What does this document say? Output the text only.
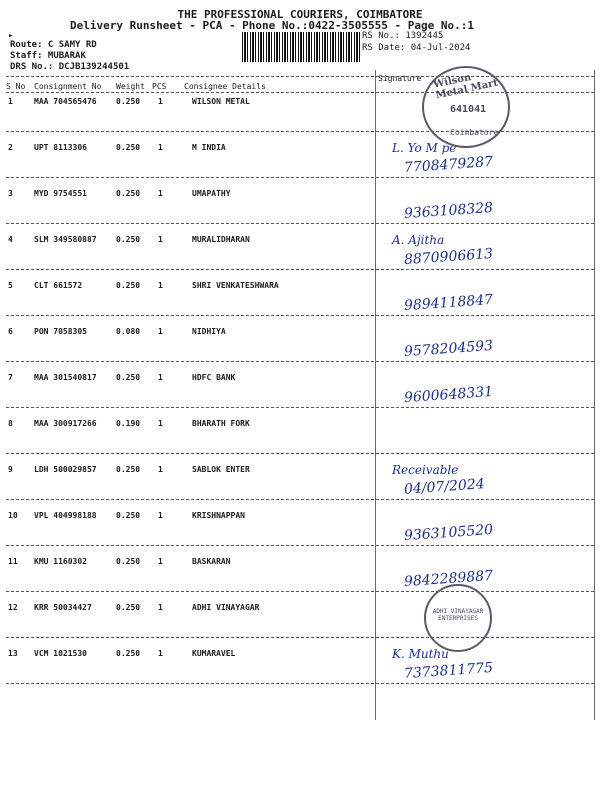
THE PROFESSIONAL COURIERS, COIMBATORE
Delivery Runsheet - PCA - Phone No.:0422-3505555 - Page No.:1
▸
Route: C SAMY RD
Staff: MUBARAK
DRS No.: DCJB139244501
RS No.: 1392445
RS Date: 04-Jul-2024
S No Consignment No Weight PCS Consignee Details
Signature
1	MAA 704565476 0.250 1	WILSON METAL
2	UPT 8113306	0.250 1	M INDIA	L. Yo M pe
7708479287
3	MYD 9754551	0.250 1	UMAPATHY
9363108328
4	SLM 349580887 0.250 1	MURALIDHARAN	A. Ajitha
8870906613
5	CLT 661572	0.250 1	SHRI VENKATESHWARA
9894118847
6	PON 7058305	0.080 1	NIDHIYA
9578204593
7	MAA 301540817 0.250 1	HDFC BANK
9600648331
8	MAA 300917266 0.190 1	BHARATH FORK
9	LDH 500029857 0.250 1	SABLOK ENTER	Receivable
04/07/2024
10 VPL 404998188 0.250 1	KRISHNAPPAN
9363105520
11 KMU 1160302	0.250 1	BASKARAN
9842289887
12 KRR 50034427	0.250 1	ADHI VINAYAGAR
13 VCM 1021530	0.250 1	KUMARAVEL	K. Muthu
7373811775
Wilson Metal Mart
641041
Coimbatore
ADHI VINAYAGAR ENTERPRISES
